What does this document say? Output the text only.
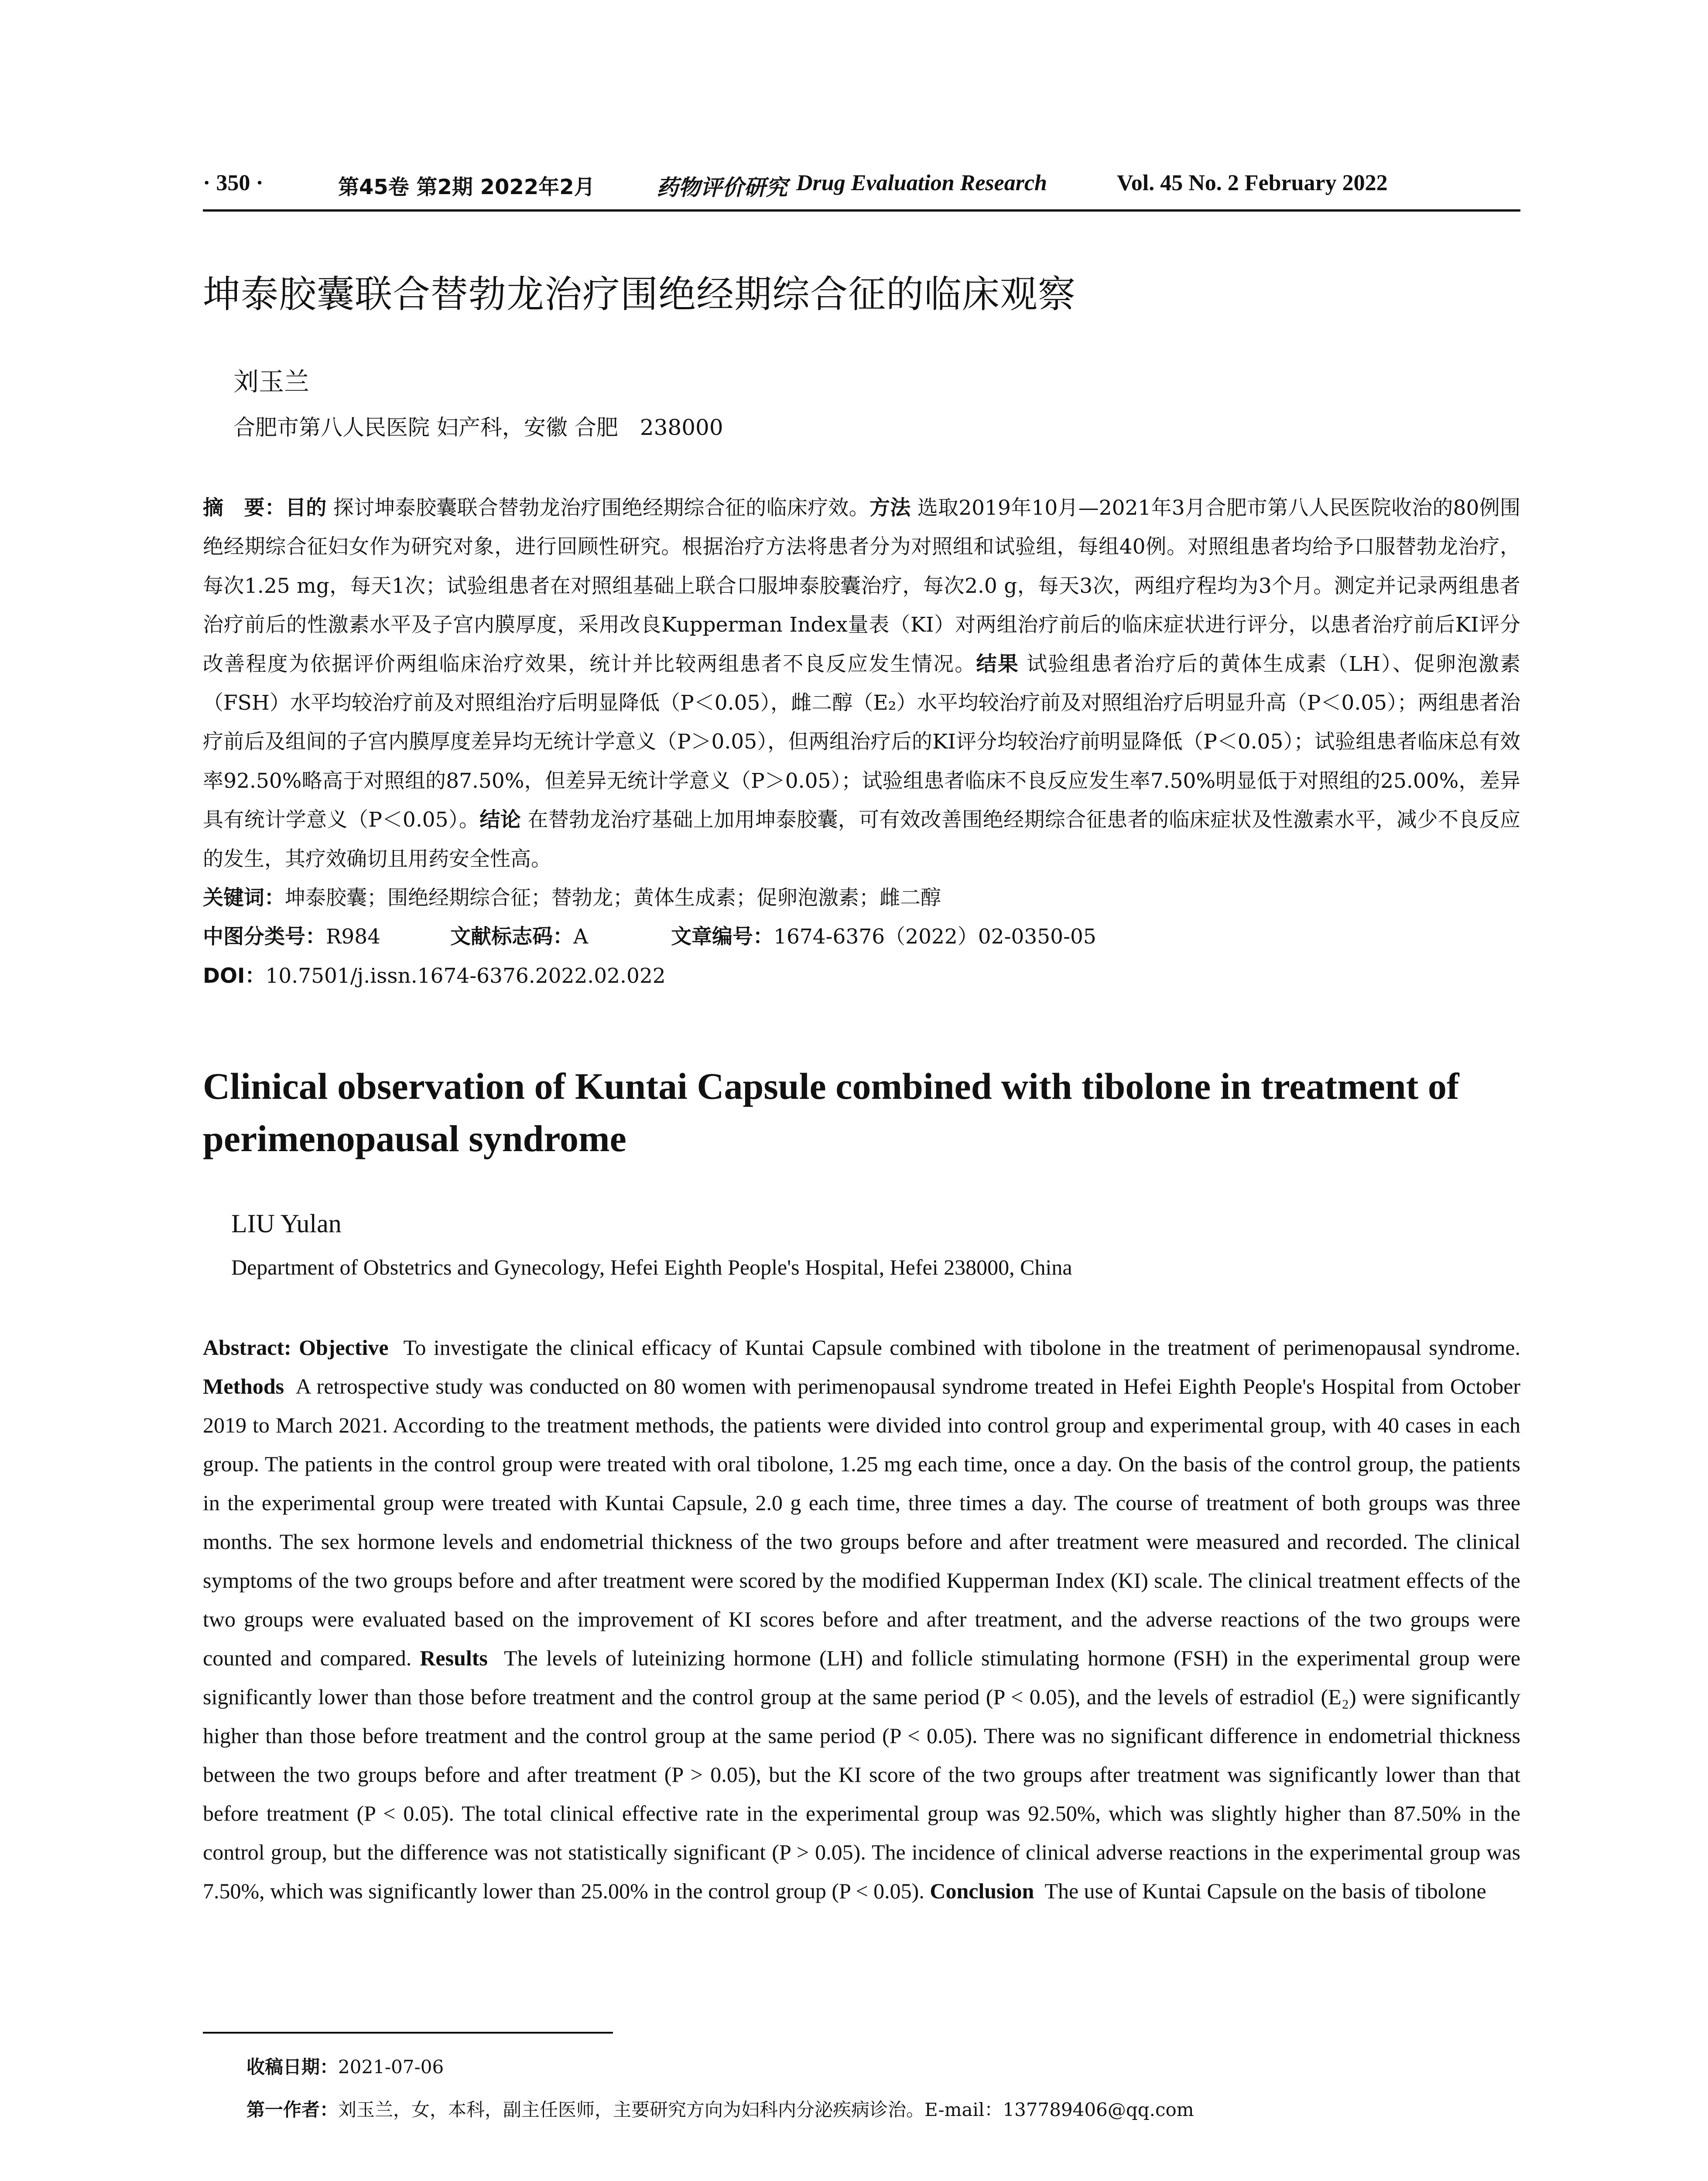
· 350 ·	第45卷 第2期 2022年2月	药物评价研究 Drug Evaluation Research	Vol. 45 No. 2 February 2022
坤泰胶囊联合替勃龙治疗围绝经期综合征的临床观察
刘玉兰
合肥市第八人民医院 妇产科，安徽 合肥　238000
摘　要：目的 探讨坤泰胶囊联合替勃龙治疗围绝经期综合征的临床疗效。方法 选取2019年10月—2021年3月合肥市第八人民医院收治的80例围绝经期综合征妇女作为研究对象，进行回顾性研究。根据治疗方法将患者分为对照组和试验组，每组40例。对照组患者均给予口服替勃龙治疗，每次1.25 mg，每天1次；试验组患者在对照组基础上联合口服坤泰胶囊治疗，每次2.0 g，每天3次，两组疗程均为3个月。测定并记录两组患者治疗前后的性激素水平及子宫内膜厚度，采用改良Kupperman Index量表（KI）对两组治疗前后的临床症状进行评分，以患者治疗前后KI评分改善程度为依据评价两组临床治疗效果，统计并比较两组患者不良反应发生情况。结果 试验组患者治疗后的黄体生成素（LH）、促卵泡激素（FSH）水平均较治疗前及对照组治疗后明显降低（P＜0.05），雌二醇（E₂）水平均较治疗前及对照组治疗后明显升高（P＜0.05）；两组患者治疗前后及组间的子宫内膜厚度差异均无统计学意义（P＞0.05），但两组治疗后的KI评分均较治疗前明显降低（P＜0.05）；试验组患者临床总有效率92.50%略高于对照组的87.50%，但差异无统计学意义（P＞0.05）；试验组患者临床不良反应发生率7.50%明显低于对照组的25.00%，差异具有统计学意义（P＜0.05）。结论 在替勃龙治疗基础上加用坤泰胶囊，可有效改善围绝经期综合征患者的临床症状及性激素水平，减少不良反应的发生，其疗效确切且用药安全性高。
关键词：坤泰胶囊；围绝经期综合征；替勃龙；黄体生成素；促卵泡激素；雌二醇
中图分类号：R984	文献标志码：A	文章编号：1674-6376（2022）02-0350-05
DOI：10.7501/j.issn.1674-6376.2022.02.022
Clinical observation of Kuntai Capsule combined with tibolone in treatment of perimenopausal syndrome
LIU Yulan
Department of Obstetrics and Gynecology, Hefei Eighth People's Hospital, Hefei 238000, China
Abstract: Objective To investigate the clinical efficacy of Kuntai Capsule combined with tibolone in the treatment of perimenopausal syndrome. Methods A retrospective study was conducted on 80 women with perimenopausal syndrome treated in Hefei Eighth People's Hospital from October 2019 to March 2021. According to the treatment methods, the patients were divided into control group and experimental group, with 40 cases in each group. The patients in the control group were treated with oral tibolone, 1.25 mg each time, once a day. On the basis of the control group, the patients in the experimental group were treated with Kuntai Capsule, 2.0 g each time, three times a day. The course of treatment of both groups was three months. The sex hormone levels and endometrial thickness of the two groups before and after treatment were measured and recorded. The clinical symptoms of the two groups before and after treatment were scored by the modified Kupperman Index (KI) scale. The clinical treatment effects of the two groups were evaluated based on the improvement of KI scores before and after treatment, and the adverse reactions of the two groups were counted and compared. Results The levels of luteinizing hormone (LH) and follicle stimulating hormone (FSH) in the experimental group were significantly lower than those before treatment and the control group at the same period (P < 0.05), and the levels of estradiol (E₂) were significantly higher than those before treatment and the control group at the same period (P < 0.05). There was no significant difference in endometrial thickness between the two groups before and after treatment (P > 0.05), but the KI score of the two groups after treatment was significantly lower than that before treatment (P < 0.05). The total clinical effective rate in the experimental group was 92.50%, which was slightly higher than 87.50% in the control group, but the difference was not statistically significant (P > 0.05). The incidence of clinical adverse reactions in the experimental group was 7.50%, which was significantly lower than 25.00% in the control group (P < 0.05). Conclusion The use of Kuntai Capsule on the basis of tibolone
收稿日期：2021-07-06
第一作者：刘玉兰，女，本科，副主任医师，主要研究方向为妇科内分泌疾病诊治。E-mail：137789406@qq.com
